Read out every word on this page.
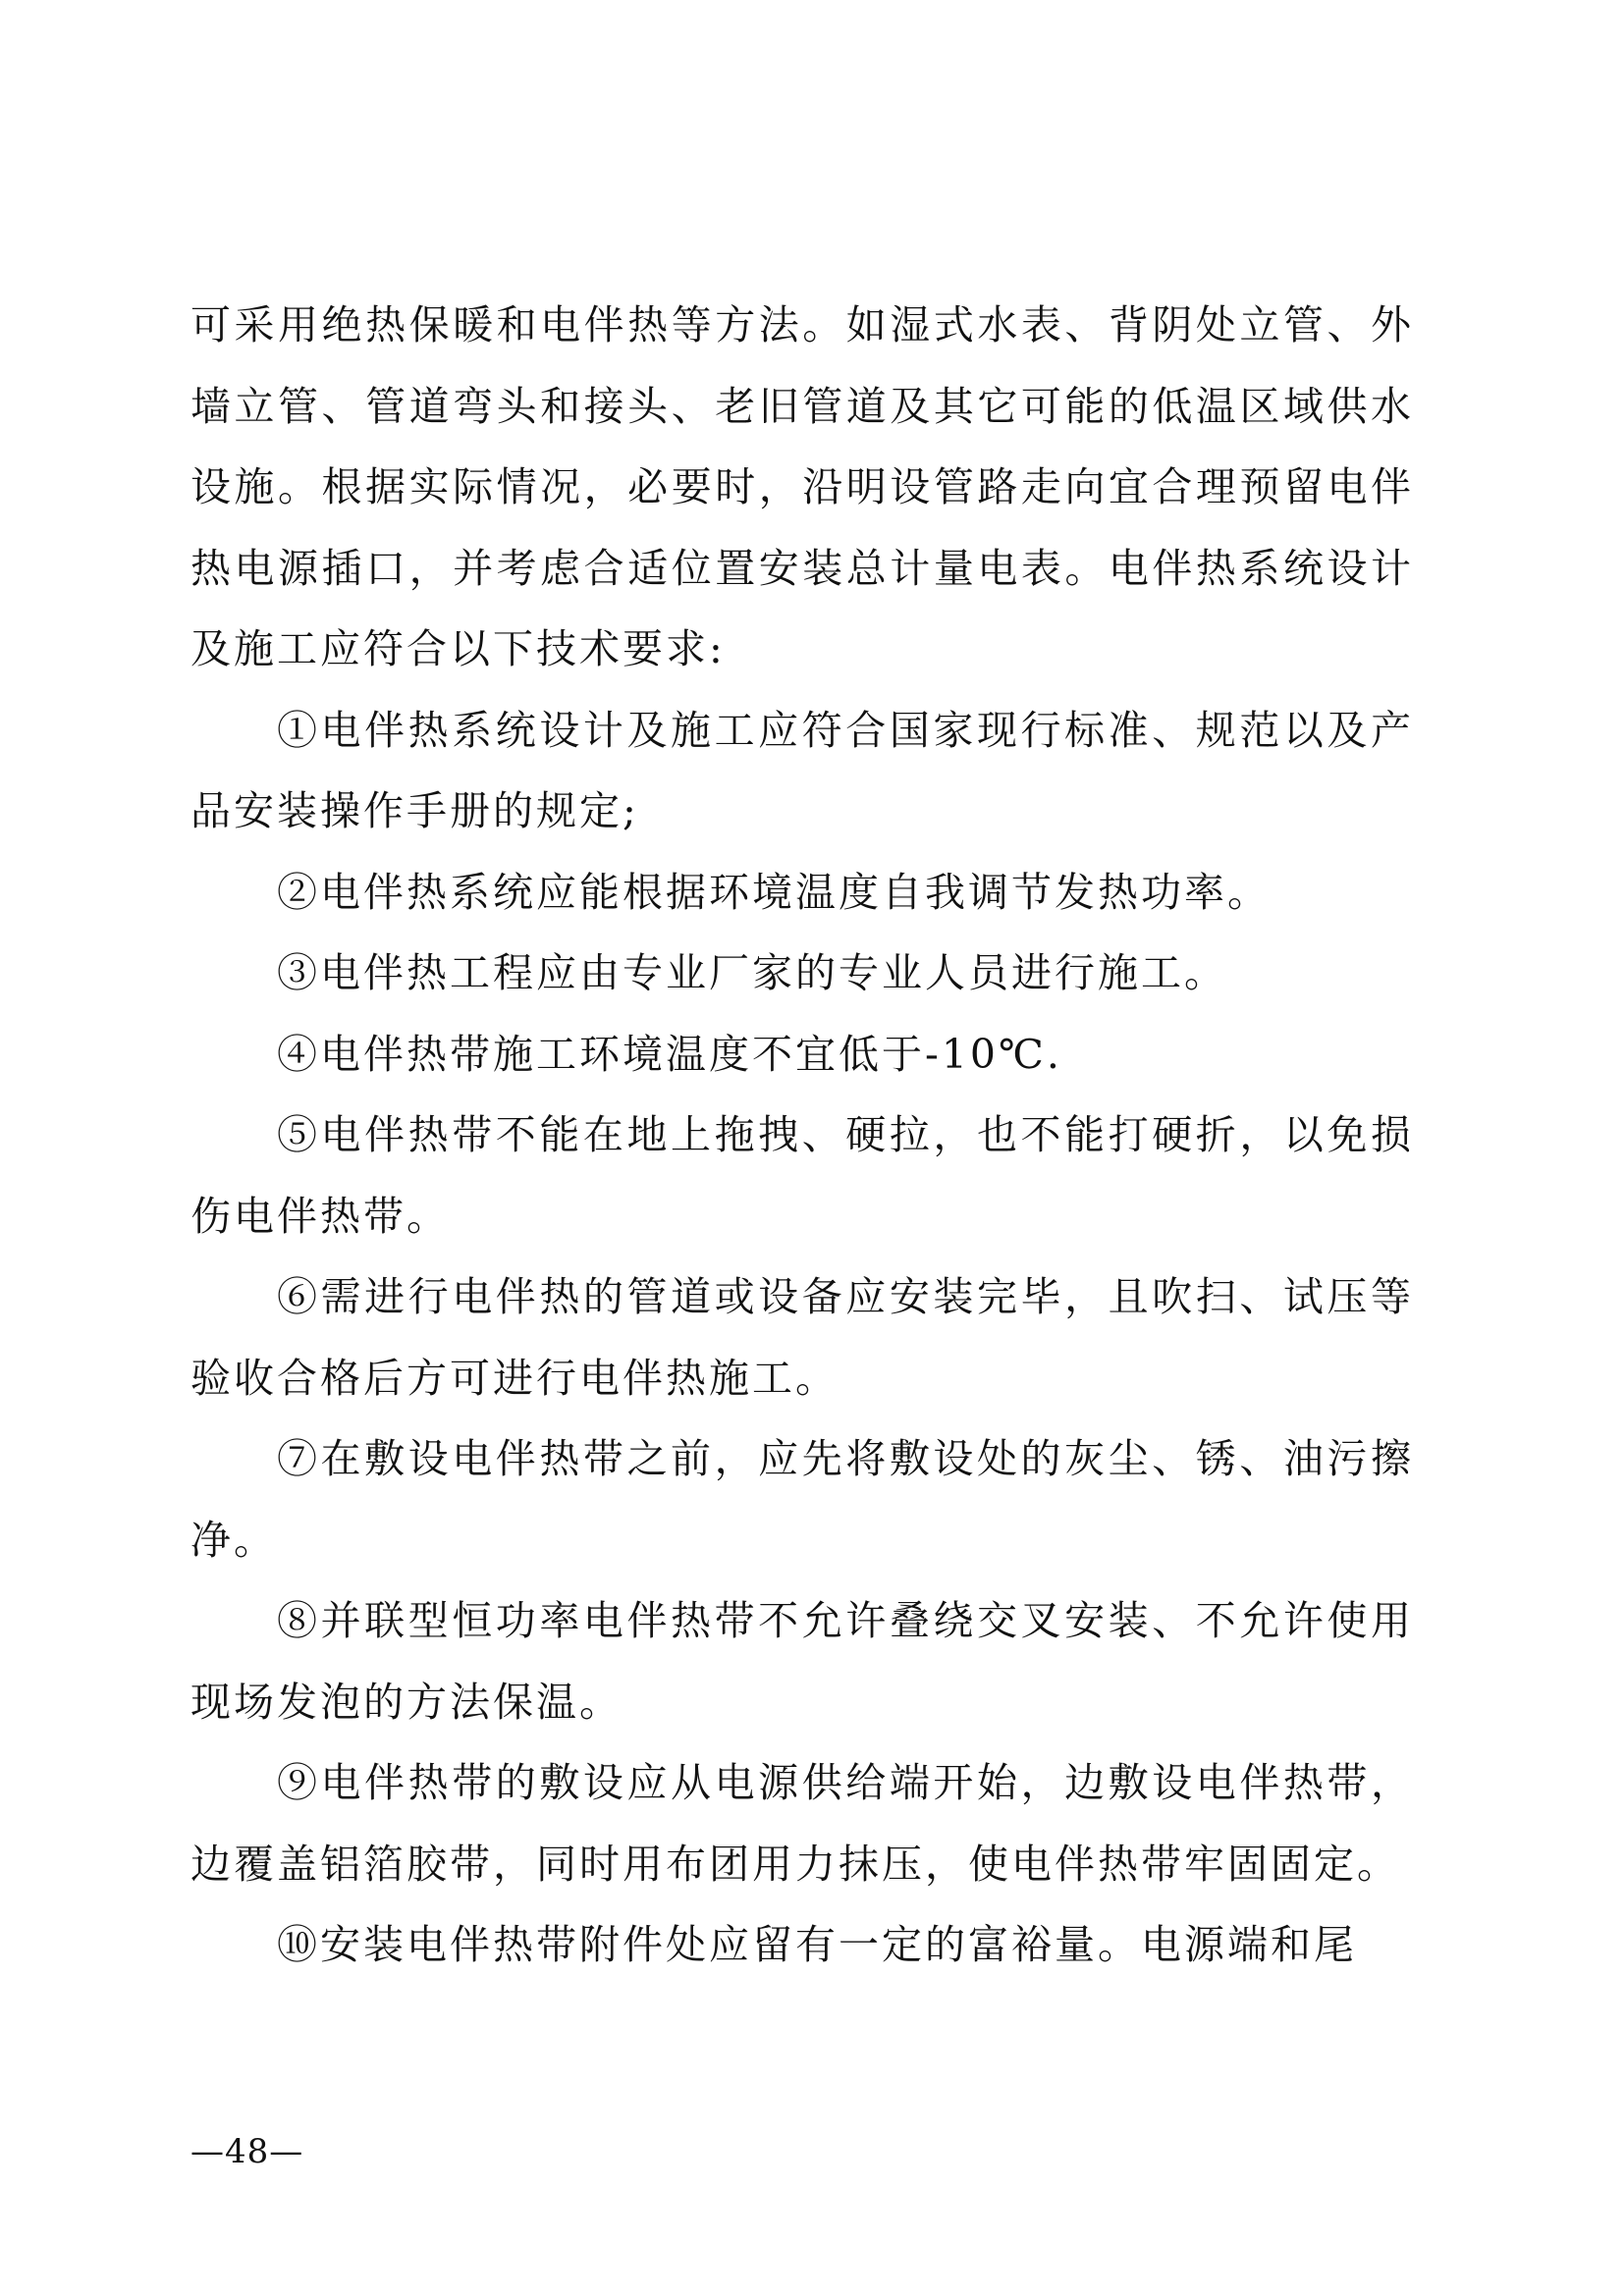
可采用绝热保暖和电伴热等方法。如湿式水表、背阴处立管、外墙立管、管道弯头和接头、老旧管道及其它可能的低温区域供水设施。根据实际情况，必要时，沿明设管路走向宜合理预留电伴热电源插口，并考虑合适位置安装总计量电表。电伴热系统设计及施工应符合以下技术要求:

①电伴热系统设计及施工应符合国家现行标准、规范以及产品安装操作手册的规定;

②电伴热系统应能根据环境温度自我调节发热功率。

③电伴热工程应由专业厂家的专业人员进行施工。

④电伴热带施工环境温度不宜低于-10℃.

⑤电伴热带不能在地上拖拽、硬拉，也不能打硬折，以免损伤电伴热带。

⑥需进行电伴热的管道或设备应安装完毕，且吹扫、试压等验收合格后方可进行电伴热施工。

⑦在敷设电伴热带之前，应先将敷设处的灰尘、锈、油污擦净。

⑧并联型恒功率电伴热带不允许叠绕交叉安装、不允许使用现场发泡的方法保温。

⑨电伴热带的敷设应从电源供给端开始，边敷设电伴热带，边覆盖铝箔胶带，同时用布团用力抹压，使电伴热带牢固固定。

⑩安装电伴热带附件处应留有一定的富裕量。电源端和尾

—48—
